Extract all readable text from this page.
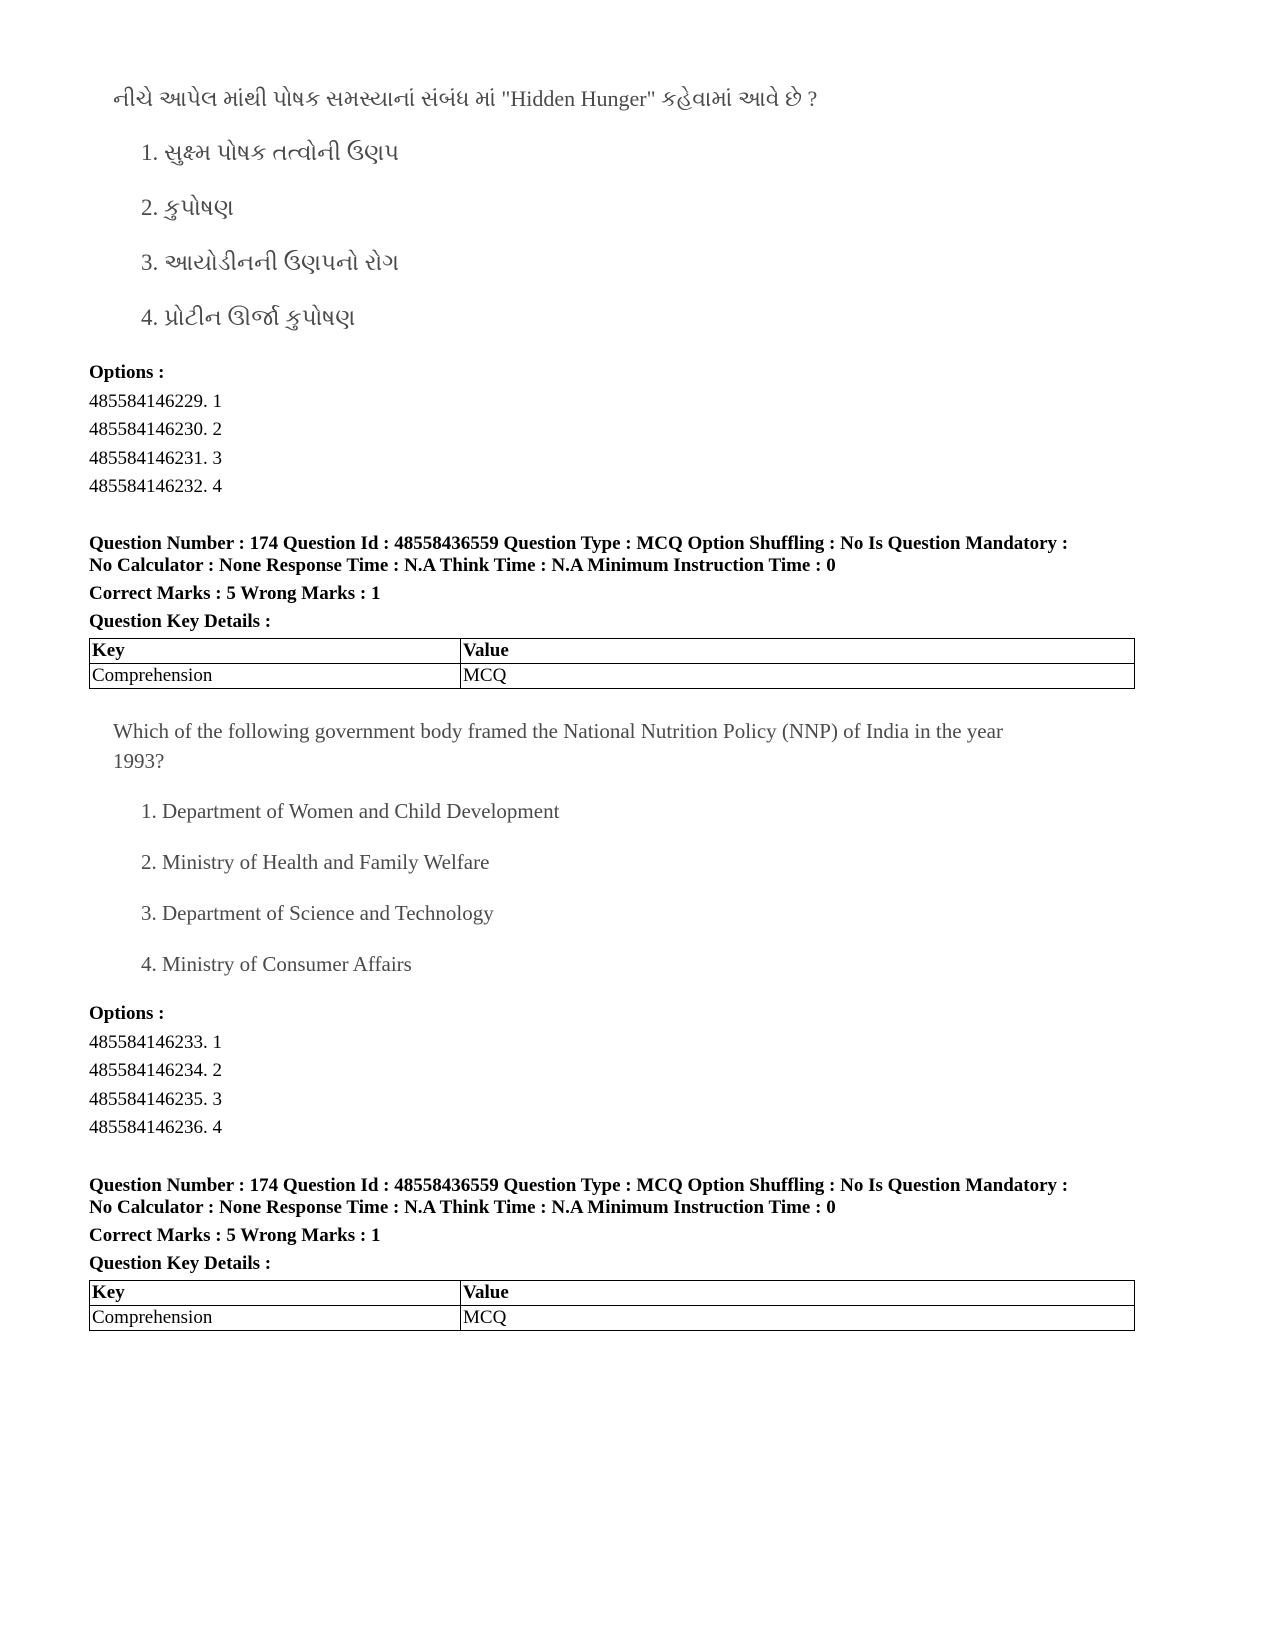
નીચે આપેલ માંથી પોષક સમસ્યાનાં સંબંધ માં "Hidden Hunger" કહેવામાં આવે છે ?

1. સુક્ષ્મ પોષક તત્વોની ઉણપ

2. કુપોષણ

3. આયોડીનની ઉણપનો રોગ

4. પ્રોટીન ઊર્જા કુપોષણ

Options :
485584146229. 1
485584146230. 2
485584146231. 3
485584146232. 4
Question Number : 174 Question Id : 48558436559 Question Type : MCQ Option Shuffling : No Is Question Mandatory :
No Calculator : None Response Time : N.A Think Time : N.A Minimum Instruction Time : 0
Correct Marks : 5 Wrong Marks : 1
Question Key Details :
Key	Value
Comprehension	MCQ

Which of the following government body framed the National Nutrition Policy (NNP) of India in the year

1993?

1. Department of Women and Child Development

2. Ministry of Health and Family Welfare

3. Department of Science and Technology

4. Ministry of Consumer Affairs

Options :
485584146233. 1
485584146234. 2
485584146235. 3
485584146236. 4
Question Number : 174 Question Id : 48558436559 Question Type : MCQ Option Shuffling : No Is Question Mandatory :
No Calculator : None Response Time : N.A Think Time : N.A Minimum Instruction Time : 0
Correct Marks : 5 Wrong Marks : 1
Question Key Details :
Key	Value
Comprehension	MCQ
